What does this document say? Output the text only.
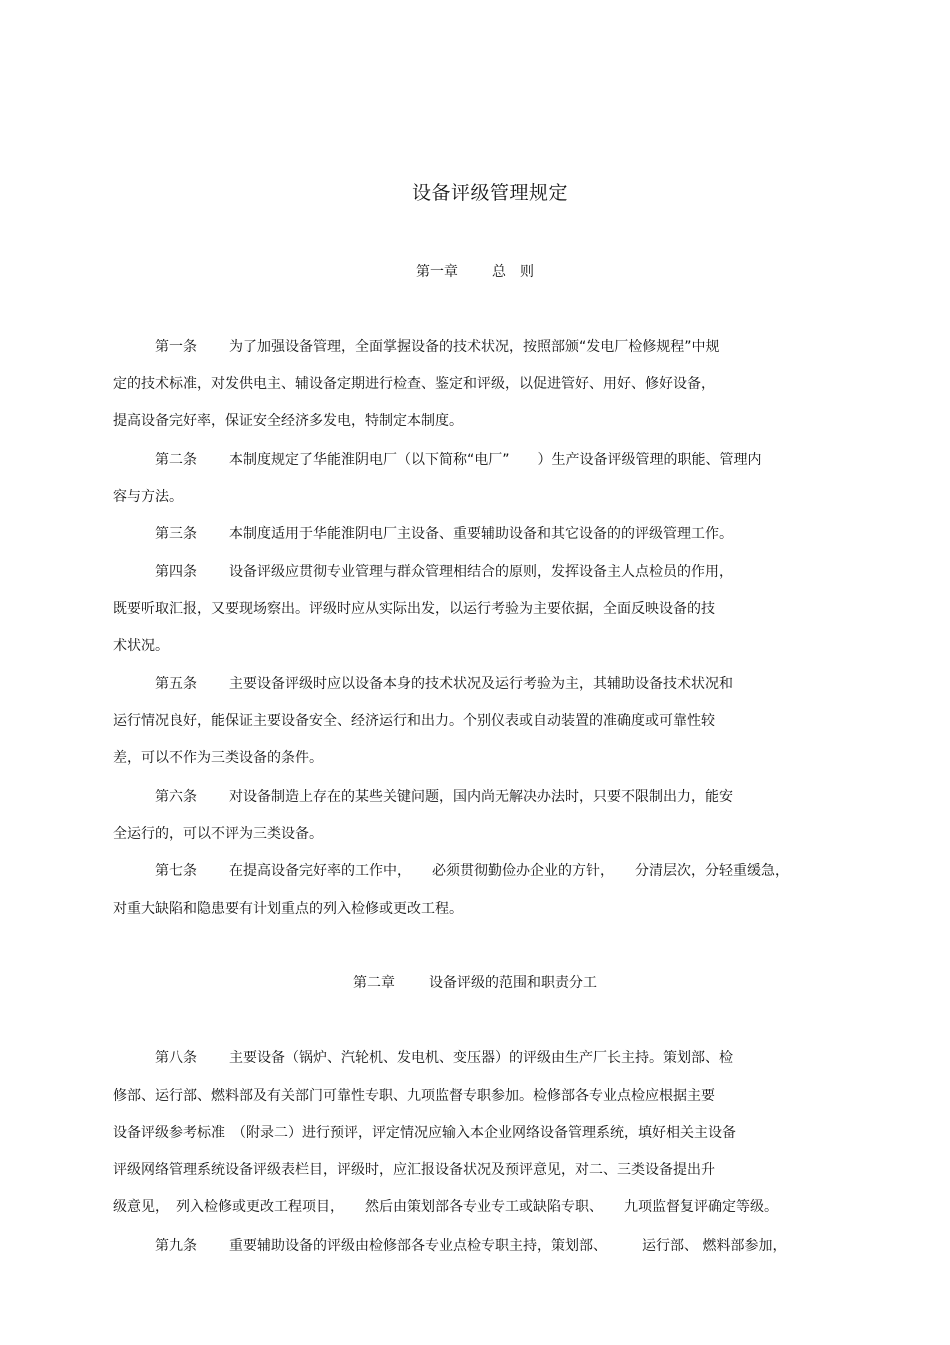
设备评级管理规定
第一章 总　则
第一条 为了加强设备管理，全面掌握设备的技术状况，按照部颁“发电厂检修规程”中规
定的技术标准，对发供电主、辅设备定期进行检查、鉴定和评级，以促进管好、用好、修好设备，
提高设备完好率，保证安全经济多发电，特制定本制度。
第二条 本制度规定了华能淮阴电厂（以下简称“电厂”　　）生产设备评级管理的职能、管理内
容与方法。
第三条 本制度适用于华能淮阴电厂主设备、重要辅助设备和其它设备的的评级管理工作。
第四条 设备评级应贯彻专业管理与群众管理相结合的原则，发挥设备主人点检员的作用，
既要听取汇报，又要现场察出。评级时应从实际出发，以运行考验为主要依据，全面反映设备的技
术状况。
第五条 主要设备评级时应以设备本身的技术状况及运行考验为主，其辅助设备技术状况和
运行情况良好，能保证主要设备安全、经济运行和出力。个别仪表或自动装置的准确度或可靠性较
差，可以不作为三类设备的条件。
第六条 对设备制造上存在的某些关键问题，国内尚无解决办法时，只要不限制出力，能安
全运行的，可以不评为三类设备。
第七条 在提高设备完好率的工作中，　　必须贯彻勤俭办企业的方针，　　分清层次，分轻重缓急，
对重大缺陷和隐患要有计划重点的列入检修或更改工程。
第二章 设备评级的范围和职责分工
第八条 主要设备（锅炉、汽轮机、发电机、变压器）的评级由生产厂长主持。策划部、检
修部、运行部、燃料部及有关部门可靠性专职、九项监督专职参加。检修部各专业点检应根据主要
设备评级参考标准　（附录二）进行预评，评定情况应输入本企业网络设备管理系统，填好相关主设备
评级网络管理系统设备评级表栏目，评级时，应汇报设备状况及预评意见，对二、三类设备提出升
级意见，　列入检修或更改工程项目，　　然后由策划部各专业专工或缺陷专职、　　九项监督复评确定等级。
第九条 重要辅助设备的评级由检修部各专业点检专职主持，策划部、　　　运行部、 燃料部参加，
